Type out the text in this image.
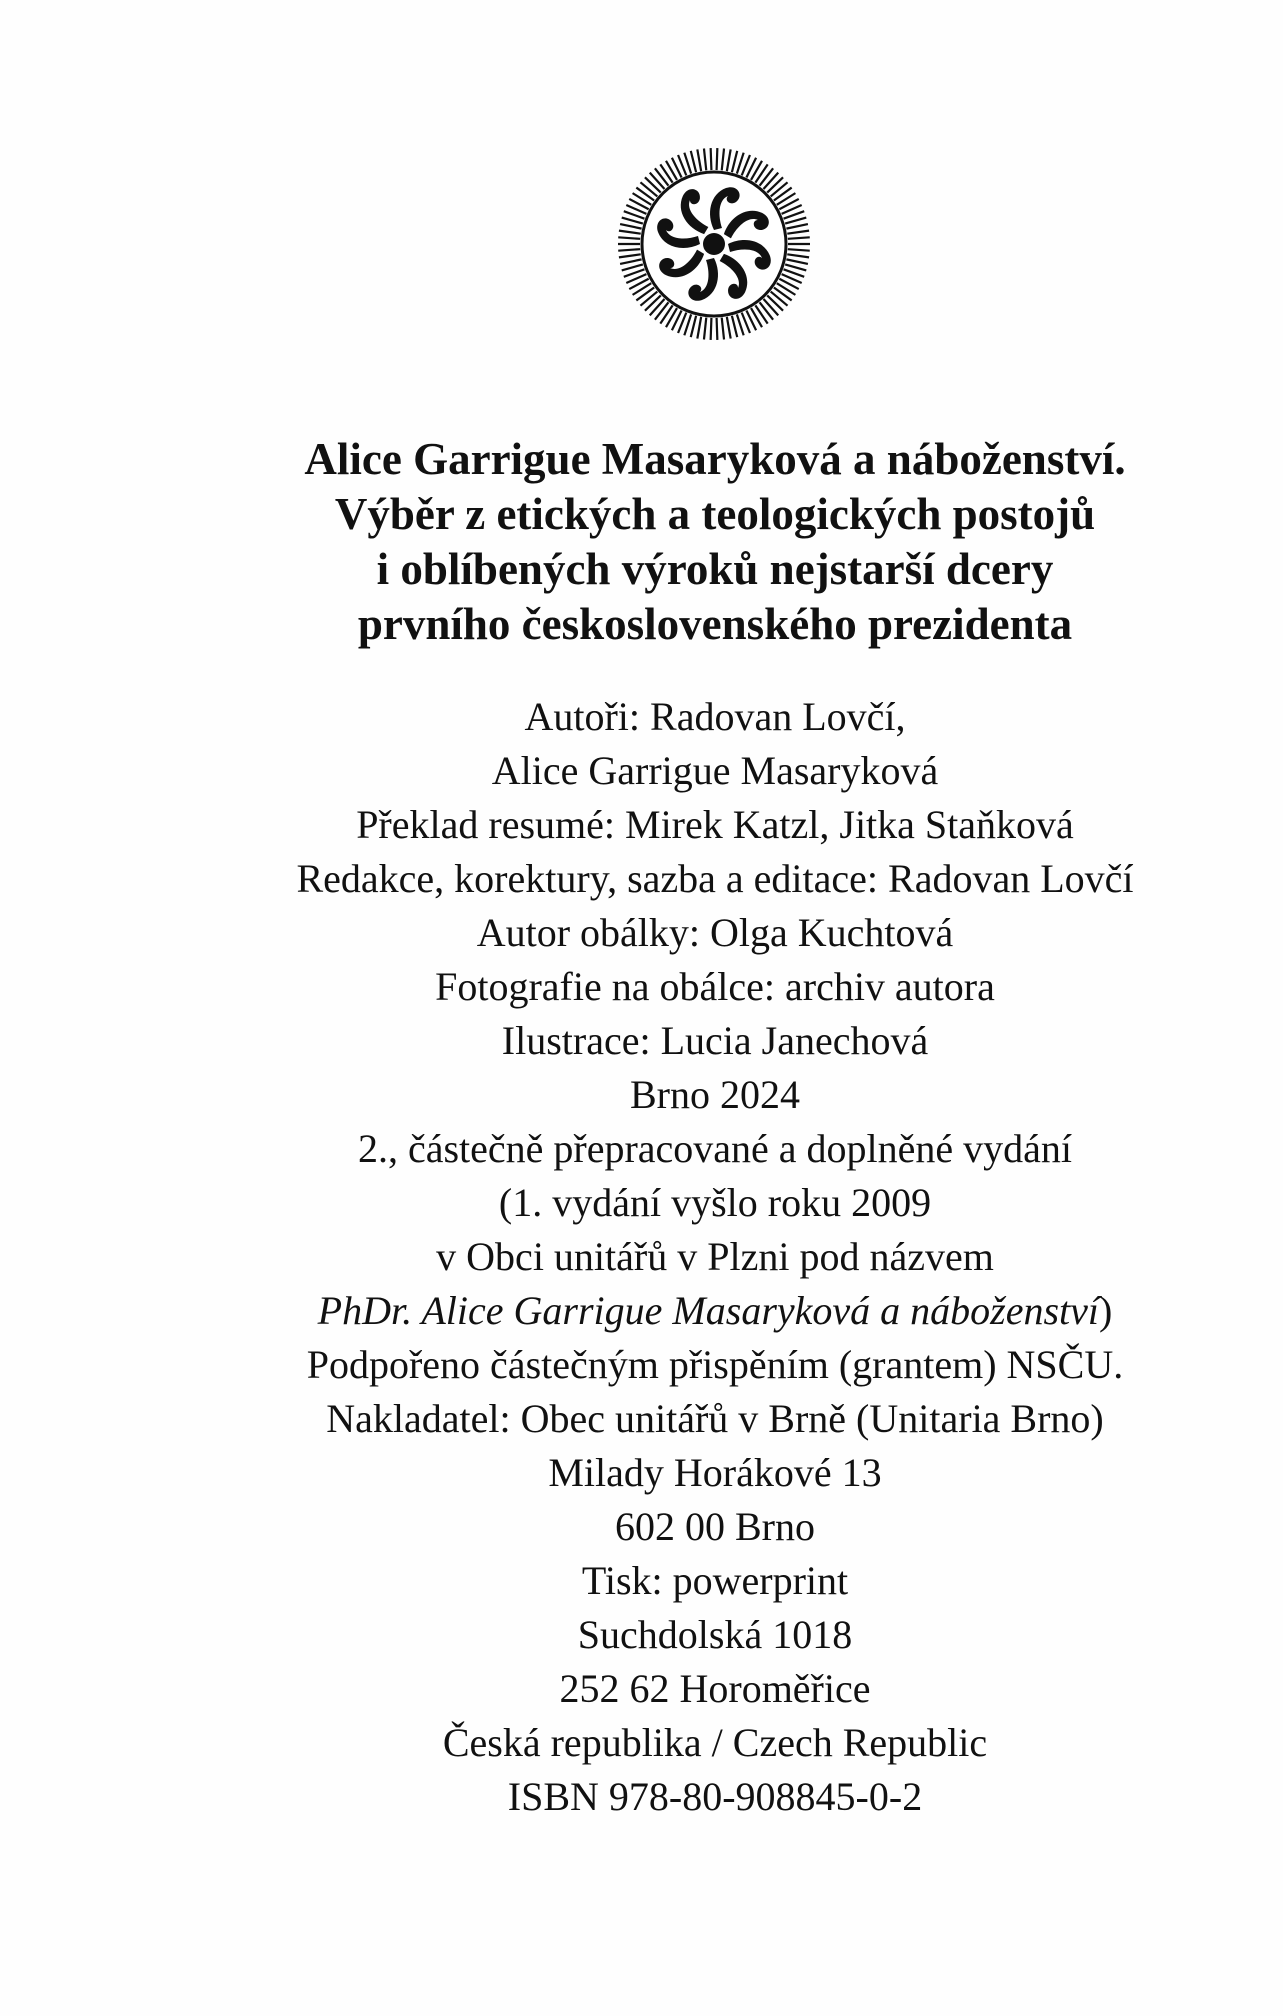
Alice Garrigue Masaryková a náboženství.
Výběr z etických a teologických postojů
i oblíbených výroků nejstarší dcery
prvního československého prezidenta
Autoři: Radovan Lovčí,
Alice Garrigue Masaryková
Překlad resumé: Mirek Katzl, Jitka Staňková
Redakce, korektury, sazba a editace: Radovan Lovčí
Autor obálky: Olga Kuchtová
Fotografie na obálce: archiv autora
Ilustrace: Lucia Janechová
Brno 2024
2., částečně přepracované a doplněné vydání
(1. vydání vyšlo roku 2009
v Obci unitářů v Plzni pod názvem
PhDr. Alice Garrigue Masaryková a náboženství)
Podpořeno částečným přispěním (grantem) NSČU.
Nakladatel: Obec unitářů v Brně (Unitaria Brno)
Milady Horákové 13
602 00 Brno
Tisk: powerprint
Suchdolská 1018
252 62 Horoměřice
Česká republika / Czech Republic
ISBN 978-80-908845-0-2
